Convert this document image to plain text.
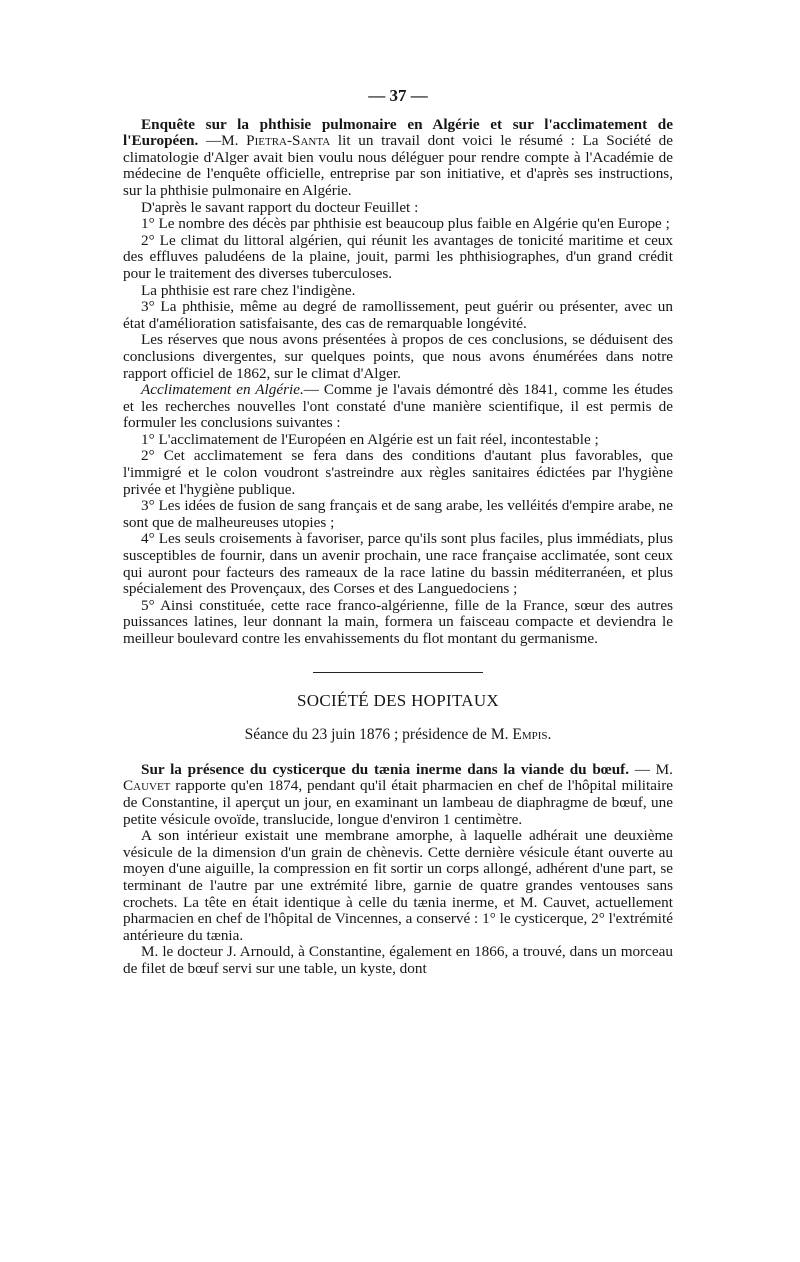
— 37 —

Enquête sur la phthisie pulmonaire en Algérie et sur l'acclimatement de l'Européen. —M. Pietra-Santa lit un travail dont voici le résumé : La Société de climatologie d'Alger avait bien voulu nous déléguer pour rendre compte à l'Académie de médecine de l'enquête officielle, entreprise par son initiative, et d'après ses instructions, sur la phthisie pulmonaire en Algérie.

D'après le savant rapport du docteur Feuillet :

1° Le nombre des décès par phthisie est beaucoup plus faible en Algérie qu'en Europe ;

2° Le climat du littoral algérien, qui réunit les avantages de tonicité maritime et ceux des effluves paludéens de la plaine, jouit, parmi les phthisiographes, d'un grand crédit pour le traitement des diverses tuberculoses.

La phthisie est rare chez l'indigène.

3° La phthisie, même au degré de ramollissement, peut guérir ou présenter, avec un état d'amélioration satisfaisante, des cas de remarquable longévité.

Les réserves que nous avons présentées à propos de ces conclusions, se déduisent des conclusions divergentes, sur quelques points, que nous avons énumérées dans notre rapport officiel de 1862, sur le climat d'Alger.

Acclimatement en Algérie.— Comme je l'avais démontré dès 1841, comme les études et les recherches nouvelles l'ont constaté d'une manière scientifique, il est permis de formuler les conclusions suivantes :

1° L'acclimatement de l'Européen en Algérie est un fait réel, incontestable ;

2° Cet acclimatement se fera dans des conditions d'autant plus favorables, que l'immigré et le colon voudront s'astreindre aux règles sanitaires édictées par l'hygiène privée et l'hygiène publique.

3° Les idées de fusion de sang français et de sang arabe, les velléités d'empire arabe, ne sont que de malheureuses utopies ;

4° Les seuls croisements à favoriser, parce qu'ils sont plus faciles, plus immédiats, plus susceptibles de fournir, dans un avenir prochain, une race française acclimatée, sont ceux qui auront pour facteurs des rameaux de la race latine du bassin méditerranéen, et plus spécialement des Provençaux, des Corses et des Languedociens ;

5° Ainsi constituée, cette race franco-algérienne, fille de la France, sœur des autres puissances latines, leur donnant la main, formera un faisceau compacte et deviendra le meilleur boulevard contre les envahissements du flot montant du germanisme.

SOCIÉTÉ DES HOPITAUX
Séance du 23 juin 1876 ; présidence de M. Empis.

Sur la présence du cysticerque du tænia inerme dans la viande du bœuf. — M. Cauvet rapporte qu'en 1874, pendant qu'il était pharmacien en chef de l'hôpital militaire de Constantine, il aperçut un jour, en examinant un lambeau de diaphragme de bœuf, une petite vésicule ovoïde, translucide, longue d'environ 1 centimètre.

A son intérieur existait une membrane amorphe, à laquelle adhérait une deuxième vésicule de la dimension d'un grain de chènevis. Cette dernière vésicule étant ouverte au moyen d'une aiguille, la compression en fit sortir un corps allongé, adhérent d'une part, se terminant de l'autre par une extrémité libre, garnie de quatre grandes ventouses sans crochets. La tête en était identique à celle du tænia inerme, et M. Cauvet, actuellement pharmacien en chef de l'hôpital de Vincennes, a conservé : 1° le cysticerque, 2° l'extrémité antérieure du tænia.

M. le docteur J. Arnould, à Constantine, également en 1866, a trouvé, dans un morceau de filet de bœuf servi sur une table, un kyste, dont
